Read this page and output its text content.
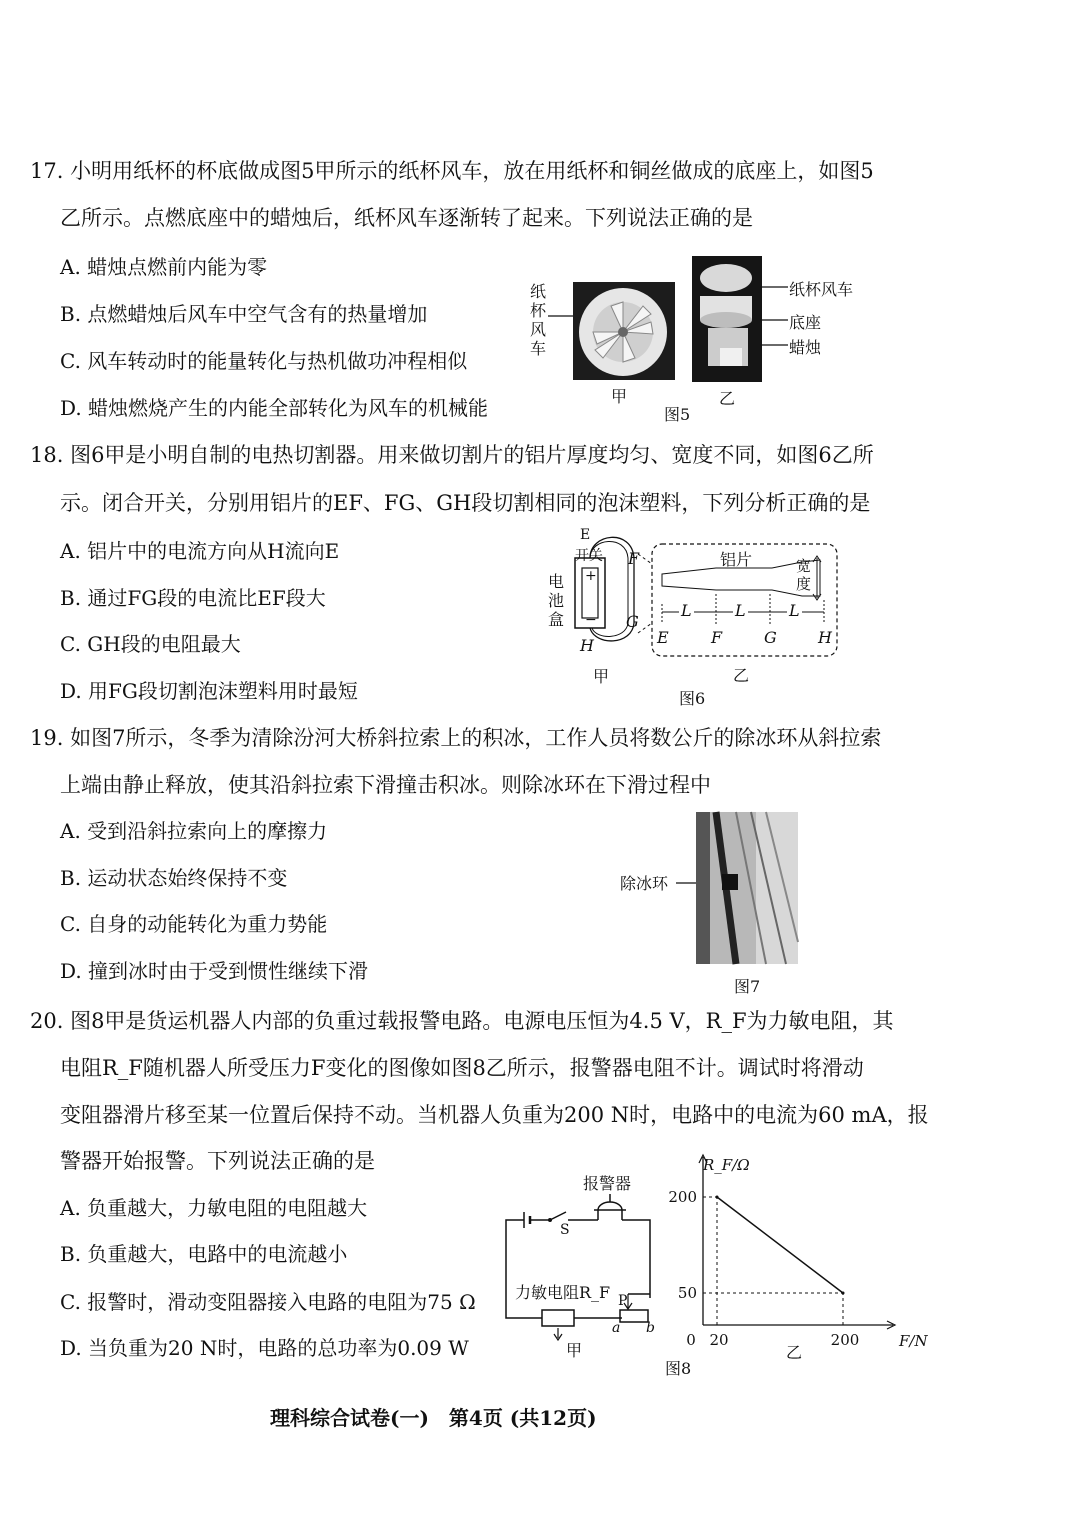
17. 小明用纸杯的杯底做成图5甲所示的纸杯风车，放在用纸杯和铜丝做成的底座上，如图5
乙所示。点燃底座中的蜡烛后，纸杯风车逐渐转了起来。下列说法正确的是
A. 蜡烛点燃前内能为零
B. 点燃蜡烛后风车中空气含有的热量增加
C. 风车转动时的能量转化与热机做功冲程相似
D. 蜡烛燃烧产生的内能全部转化为风车的机械能
纸
杯
风
车
甲
纸杯风车
底座
蜡烛
乙
图5
18. 图6甲是小明自制的电热切割器。用来做切割片的铝片厚度均匀、宽度不同，如图6乙所
示。闭合开关，分别用铝片的EF、FG、GH段切割相同的泡沫塑料，下列分析正确的是
A. 铝片中的电流方向从H流向E
B. 通过FG段的电流比EF段大
C. GH段的电阻最大
D. 用FG段切割泡沫塑料用时最短
E
开关 F
电
池
盒
+
− G
H
铝片	宽
度
L	L	L
E	F	G	H
甲	乙
图6
19. 如图7所示，冬季为清除汾河大桥斜拉索上的积冰，工作人员将数公斤的除冰环从斜拉索
上端由静止释放，使其沿斜拉索下滑撞击积冰。则除冰环在下滑过程中
A. 受到沿斜拉索向上的摩擦力
B. 运动状态始终保持不变
C. 自身的动能转化为重力势能
D. 撞到冰时由于受到惯性继续下滑
除冰环
图7
20. 图8甲是货运机器人内部的负重过载报警电路。电源电压恒为4.5 V，R_F为力敏电阻，其
电阻R_F随机器人所受压力F变化的图像如图8乙所示，报警器电阻不计。调试时将滑动
变阻器滑片移至某一位置后保持不动。当机器人负重为200 N时，电路中的电流为60 mA，报
警器开始报警。下列说法正确的是
A. 负重越大，力敏电阻的电阻越大
B. 负重越大，电路中的电流越小
C. 报警时，滑动变阻器接入电路的电阻为75 Ω
D. 当负重为20 N时，电路的总功率为0.09 W
报警器
S
力敏电阻R_F P
a b
甲
0 20	200
50
200
F/N
R_F/Ω
乙
图8
理科综合试卷(一)　第4页 (共12页)
